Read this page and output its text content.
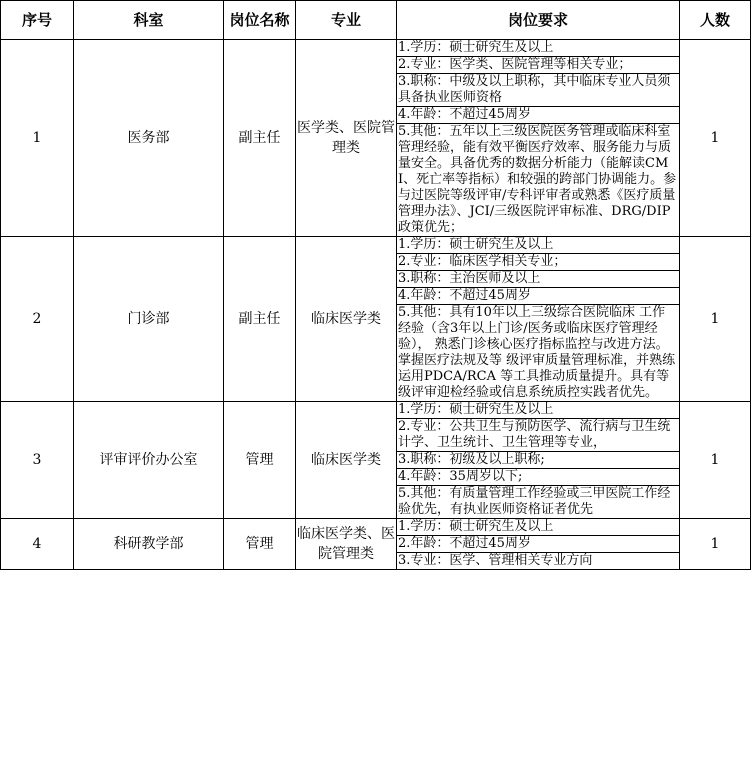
序号	科室	岗位名称	专业	岗位要求	人数
1	医务部	副主任	医学类、医院管理类	1.学历：硕士研究生及以上
2.专业：医学类、医院管理等相关专业；
3.职称：中级及以上职称，其中临床专业人员须具备执业医师资格
4.年龄：不超过45周岁
5.其他：五年以上三级医院医务管理或临床科室管理经验，能有效平衡医疗效率、服务能力与质量安全。具备优秀的数据分析能力（能解读CMI、死亡率等指标）和较强的跨部门协调能力。参与过医院等级评审/专科评审者或熟悉《医疗质量管理办法》、JCI/三级医院评审标准、DRG/DIP政策优先；	1
2	门诊部	副主任	临床医学类	1.学历：硕士研究生及以上
2.专业：临床医学相关专业；
3.职称：主治医师及以上
4.年龄：不超过45周岁
5.其他：具有10年以上三级综合医院临床 工作经验（含3年以上门诊/医务或临床医疗管理经验）， 熟悉门诊核心医疗指标监控与改进方法。掌握医疗法规及等 级评审质量管理标准，并熟练运用PDCA/RCA 等工具推动质量提升。具有等级评审迎检经验或信息系统质控实践者优先。	1
3	评审评价办公室	管理	临床医学类	1.学历：硕士研究生及以上
2.专业：公共卫生与预防医学、流行病与卫生统计学、卫生统计、卫生管理等专业，
3.职称：初级及以上职称;
4.年龄：35周岁以下;
5.其他：有质量管理工作经验或三甲医院工作经验优先，有执业医师资格证者优先	1
4	科研教学部	管理	临床医学类、医院管理类	1.学历：硕士研究生及以上
2.年龄：不超过45周岁
3.专业：医学、管理相关专业方向	1
